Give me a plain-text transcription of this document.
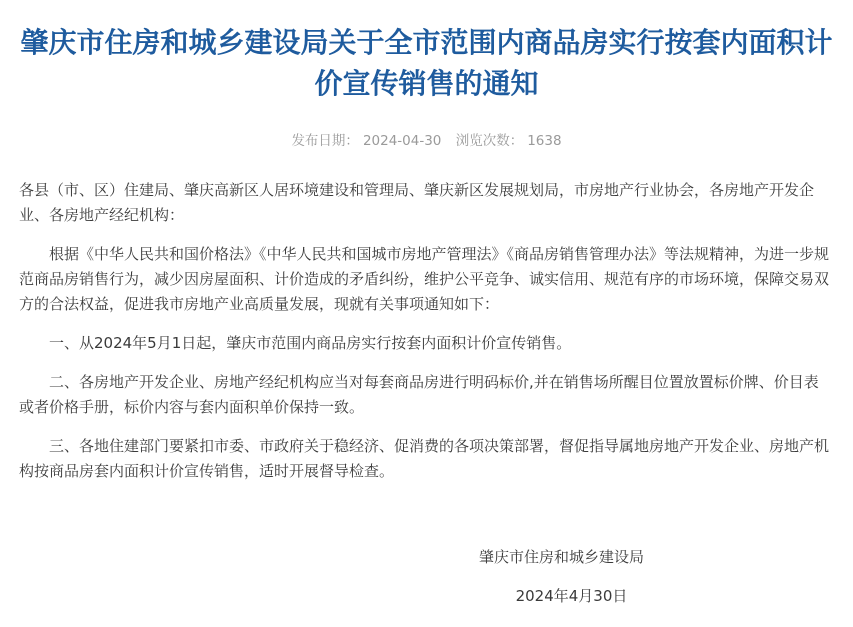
肇庆市住房和城乡建设局关于全市范围内商品房实行按套内面积计价宣传销售的通知
发布日期： 2024-04-30 浏览次数： 1638

各县（市、区）住建局、肇庆高新区人居环境建设和管理局、肇庆新区发展规划局，市房地产行业协会，各房地产开发企业、各房地产经纪机构：

根据《中华人民共和国价格法》《中华人民共和国城市房地产管理法》《商品房销售管理办法》等法规精神，为进一步规范商品房销售行为，减少因房屋面积、计价造成的矛盾纠纷，维护公平竞争、诚实信用、规范有序的市场环境，保障交易双方的合法权益，促进我市房地产业高质量发展，现就有关事项通知如下：

一、从2024年5月1日起，肇庆市范围内商品房实行按套内面积计价宣传销售。

二、各房地产开发企业、房地产经纪机构应当对每套商品房进行明码标价,并在销售场所醒目位置放置标价牌、价目表或者价格手册，标价内容与套内面积单价保持一致。

三、各地住建部门要紧扣市委、市政府关于稳经济、促消费的各项决策部署，督促指导属地房地产开发企业、房地产机构按商品房套内面积计价宣传销售，适时开展督导检查。

肇庆市住房和城乡建设局
2024年4月30日
